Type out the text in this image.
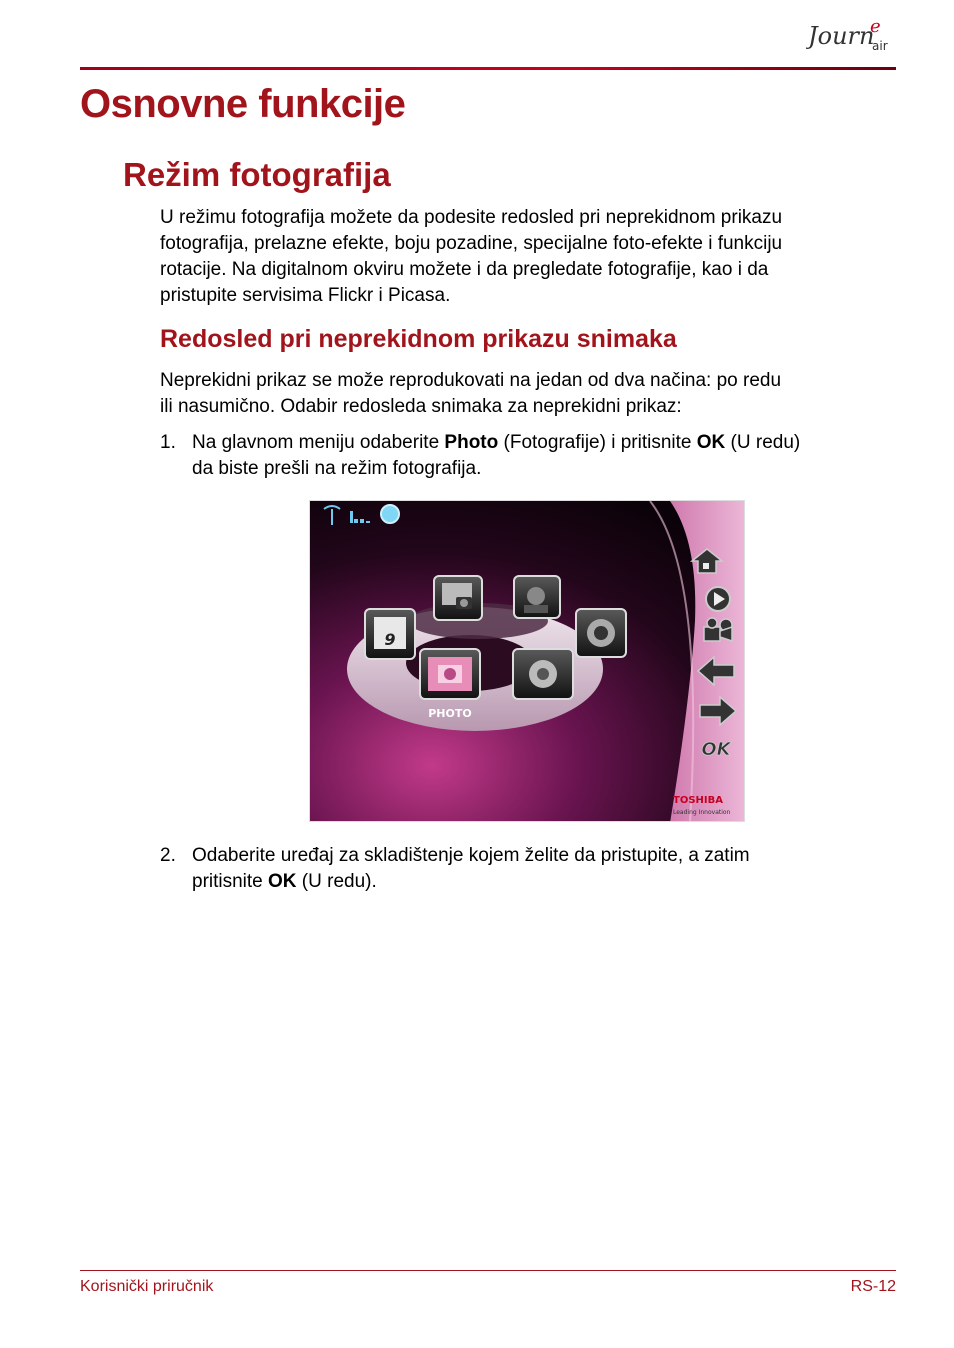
Journ
e
air
Osnovne funkcije
Režim fotografija
U režimu fotografija možete da podesite redosled pri neprekidnom prikazu
fotografija, prelazne efekte, boju pozadine, specijalne foto-efekte i funkciju
rotacije. Na digitalnom okviru možete i da pregledate fotografije, kao i da
pristupite servisima Flickr i Picasa.
Redosled pri neprekidnom prikazu snimaka
Neprekidni prikaz se može reprodukovati na jedan od dva načina: po redu
ili nasumično. Odabir redosleda snimaka za neprekidni prikaz:
1. Na glavnom meniju odaberite Photo (Fotografije) i pritisnite OK (U redu)
da biste prešli na režim fotografija.
9
PHOTO
OK
TOSHIBA
Leading Innovation
2. Odaberite uređaj za skladištenje kojem želite da pristupite, a zatim
pritisnite OK (U redu).
Korisnički priručnik	RS-12
